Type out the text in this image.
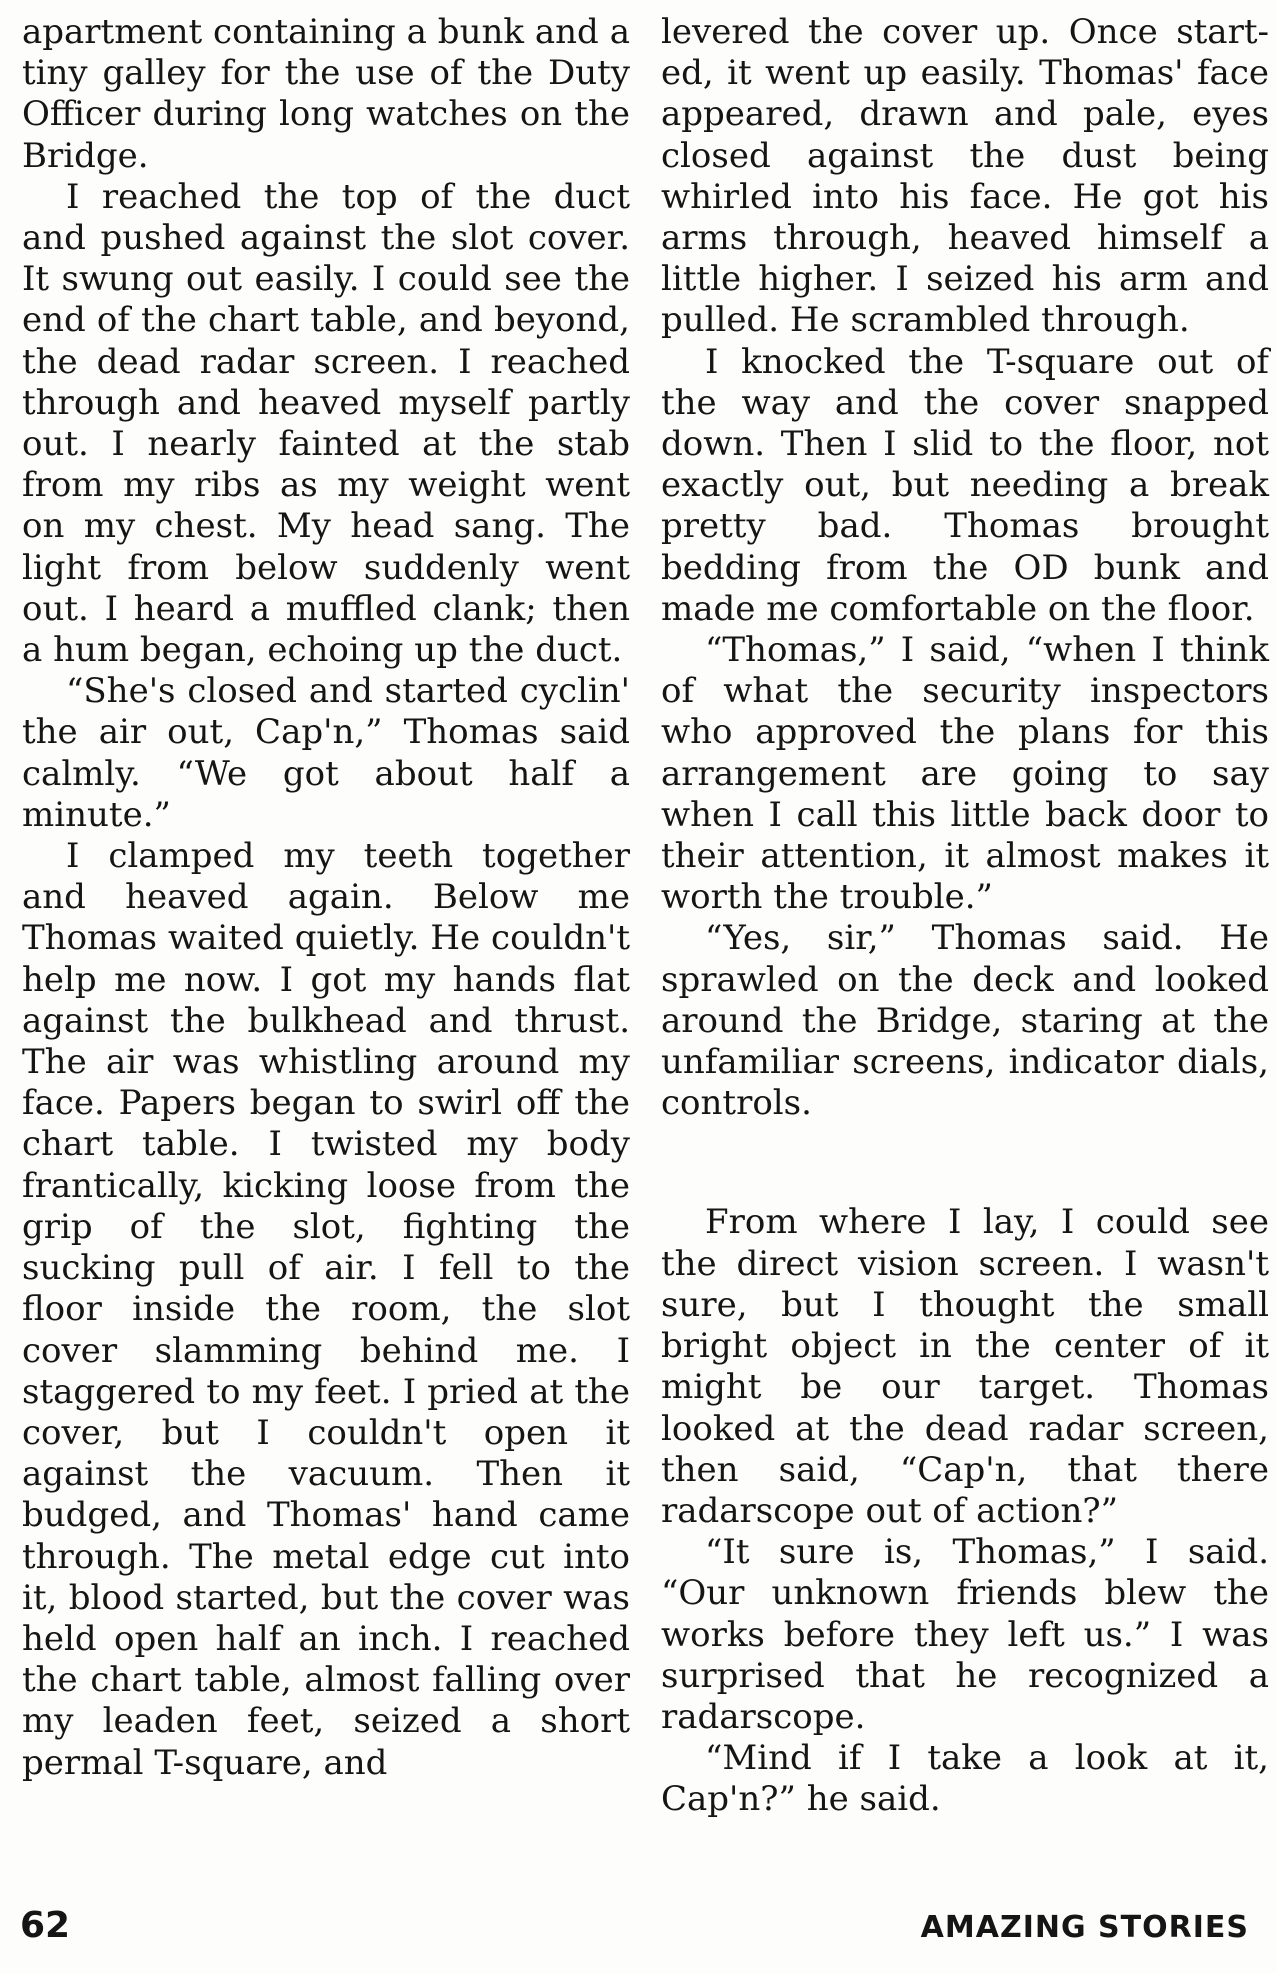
apartment containing a bunk and a tiny galley for the use of the Duty Officer during long watches on the Bridge.

I reached the top of the duct and pushed against the slot cover. It swung out easily. I could see the end of the chart table, and beyond, the dead radar screen. I reached through and heaved myself partly out. I nearly fainted at the stab from my ribs as my weight went on my chest. My head sang. The light from below suddenly went out. I heard a muffled clank; then a hum began, echoing up the duct.

“She's closed and started cyclin' the air out, Cap'n,” Thomas said calmly. “We got about half a minute.”

I clamped my teeth together and heaved again. Below me Thomas waited quietly. He couldn't help me now. I got my hands flat against the bulkhead and thrust. The air was whistling around my face. Papers began to swirl off the chart table. I twisted my body frantically, kicking loose from the grip of the slot, fighting the sucking pull of air. I fell to the floor inside the room, the slot cover slamming behind me. I staggered to my feet. I pried at the cover, but I couldn't open it against the vacuum. Then it budged, and Thomas' hand came through. The metal edge cut into it, blood started, but the cover was held open half an inch. I reached the chart table, almost falling over my leaden feet, seized a short permal T-square, and

levered the cover up. Once started, it went up easily. Thomas' face appeared, drawn and pale, eyes closed against the dust being whirled into his face. He got his arms through, heaved himself a little higher. I seized his arm and pulled. He scrambled through.

I knocked the T-square out of the way and the cover snapped down. Then I slid to the floor, not exactly out, but needing a break pretty bad. Thomas brought bedding from the OD bunk and made me comfortable on the floor.

“Thomas,” I said, “when I think of what the security inspectors who approved the plans for this arrangement are going to say when I call this little back door to their attention, it almost makes it worth the trouble.”

“Yes, sir,” Thomas said. He sprawled on the deck and looked around the Bridge, staring at the unfamiliar screens, indicator dials, controls.

From where I lay, I could see the direct vision screen. I wasn't sure, but I thought the small bright object in the center of it might be our target. Thomas looked at the dead radar screen, then said, “Cap'n, that there radarscope out of action?”

“It sure is, Thomas,” I said. “Our unknown friends blew the works before they left us.” I was surprised that he recognized a radarscope.

“Mind if I take a look at it, Cap'n?” he said.

62	AMAZING STORIES
